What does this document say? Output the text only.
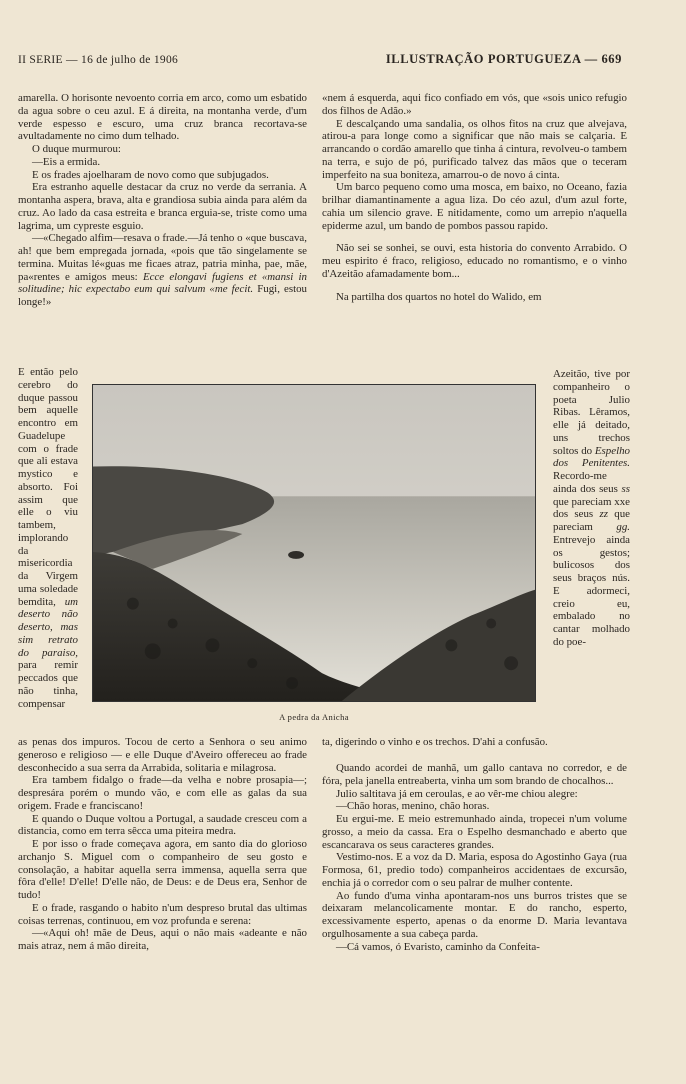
II SERIE — 16 de julho de 1906	ILLUSTRAÇÃO PORTUGUEZA — 669

amarella. O horisonte nevoento corria em arco, como um esbatido da agua sobre o ceu azul. E á direita, na montanha verde, d'um verde espesso e escuro, uma cruz branca recortava-se avultadamente no cimo dum telhado.

O duque murmurou:

—Eis a ermida.

E os frades ajoelharam de novo como que subjugados.

Era estranho aquelle destacar da cruz no verde da serrania. A montanha aspera, brava, alta e grandiosa subia ainda para além da cruz. Ao lado da casa estreita e branca erguia-se, triste como uma lagrima, um cypreste esguio.

—«Chegado alfim—resava o frade.—Já tenho o «que buscava, ah! que bem empregada jornada, «pois que tão singelamente se termina. Muitas lé«guas me ficaes atraz, patria minha, pae, mãe, pa«rentes e amigos meus: Ecce elongavi fugiens et «mansi in solitudine; hic expectabo eum qui salvum «me fecit. Fugi, estou longe!»

E então pelo cerebro do duque passou bem aquelle encontro em Guadelupe com o frade que ali estava mystico e absorto. Foi assim que elle o viu tambem, implorando da misericordia da Virgem uma soledade bemdita, um deserto não deserto, mas sim retrato do paraiso, para remir peccados que não tinha, compensar

A pedra da Anicha

«nem á esquerda, aqui fico confiado em vós, que «sois unico refugio dos filhos de Adão.»

E descalçando uma sandalia, os olhos fitos na cruz que alvejava, atirou-a para longe como a significar que não mais se calçaria. E arrancando o cordão amarello que tinha á cintura, revolveu-o tambem na terra, e sujo de pó, purificado talvez das mãos que o teceram imperfeito na sua boniteza, amarrou-o de novo á cinta.

Um barco pequeno como uma mosca, em baixo, no Oceano, fazia brilhar diamantinamente a agua liza. Do céo azul, d'um azul forte, cahia um silencio grave. E nitidamente, como um arrepio n'aquella epiderme azul, um bando de pombos passou rapido.

Não sei se sonhei, se ouvi, esta historia do convento Arrabido. O meu espirito é fraco, religioso, educado no romantismo, e o vinho d'Azeitão afamadamente bom...

Na partilha dos quartos no hotel do Walido, em

Azeitão, tive por companheiro o poeta Julio Ribas. Lêramos, elle já deitado, uns trechos soltos do Espelho dos Penitentes. Recordo-me ainda dos seus ss que pareciam xxe dos seus zz que pareciam gg. Entrevejo ainda os gestos; bulicosos dos seus braços nús. E adormeci, creio eu, embalado no cantar molhado do poe-

as penas dos impuros. Tocou de certo a Senhora o seu animo generoso e religioso — e elle Duque d'Aveiro offereceu ao frade desconhecido a sua serra da Arrabida, solitaria e milagrosa.

Era tambem fidalgo o frade—da velha e nobre prosapia—; despresára porém o mundo vão, e com elle as galas da sua origem. Frade e franciscano!

E quando o Duque voltou a Portugal, a saudade cresceu com a distancia, como em terra sêcca uma piteira medra.

E por isso o frade começava agora, em santo dia do glorioso archanjo S. Miguel com o companheiro de seu gosto e consolação, a habitar aquella serra immensa, aquella serra que fôra d'elle! D'elle! D'elle não, de Deus: e de Deus era, Senhor de tudo!

E o frade, rasgando o habito n'um despreso brutal das ultimas coisas terrenas, continuou, em voz profunda e serena:

—«Aqui oh! mãe de Deus, aqui o não mais «adeante e não mais atraz, nem á mão direita,

ta, digerindo o vinho e os trechos. D'ahi a confusão.

Quando acordei de manhã, um gallo cantava no corredor, e de fóra, pela janella entreaberta, vinha um som brando de chocalhos...

Julio saltitava já em ceroulas, e ao vêr-me chiou alegre:

—Chão horas, menino, chão horas.

Eu ergui-me. E meio estremunhado ainda, tropecei n'um volume grosso, a meio da cassa. Era o Espelho desmanchado e aberto que escancarava os seus caracteres grandes.

Vestimo-nos. E a voz da D. Maria, esposa do Agostinho Gaya (rua Formosa, 61, predio todo) companheiros accidentaes de excursão, enchia já o corredor com o seu palrar de mulher contente.

Ao fundo d'uma vinha apontaram-nos uns burros tristes que se deixaram melancolicamente montar. E do rancho, esperto, excessivamente esperto, apenas o da enorme D. Maria levantava orgulhosamente a sua cabeça parda.

—Cá vamos, ó Evaristo, caminho da Confeita-
